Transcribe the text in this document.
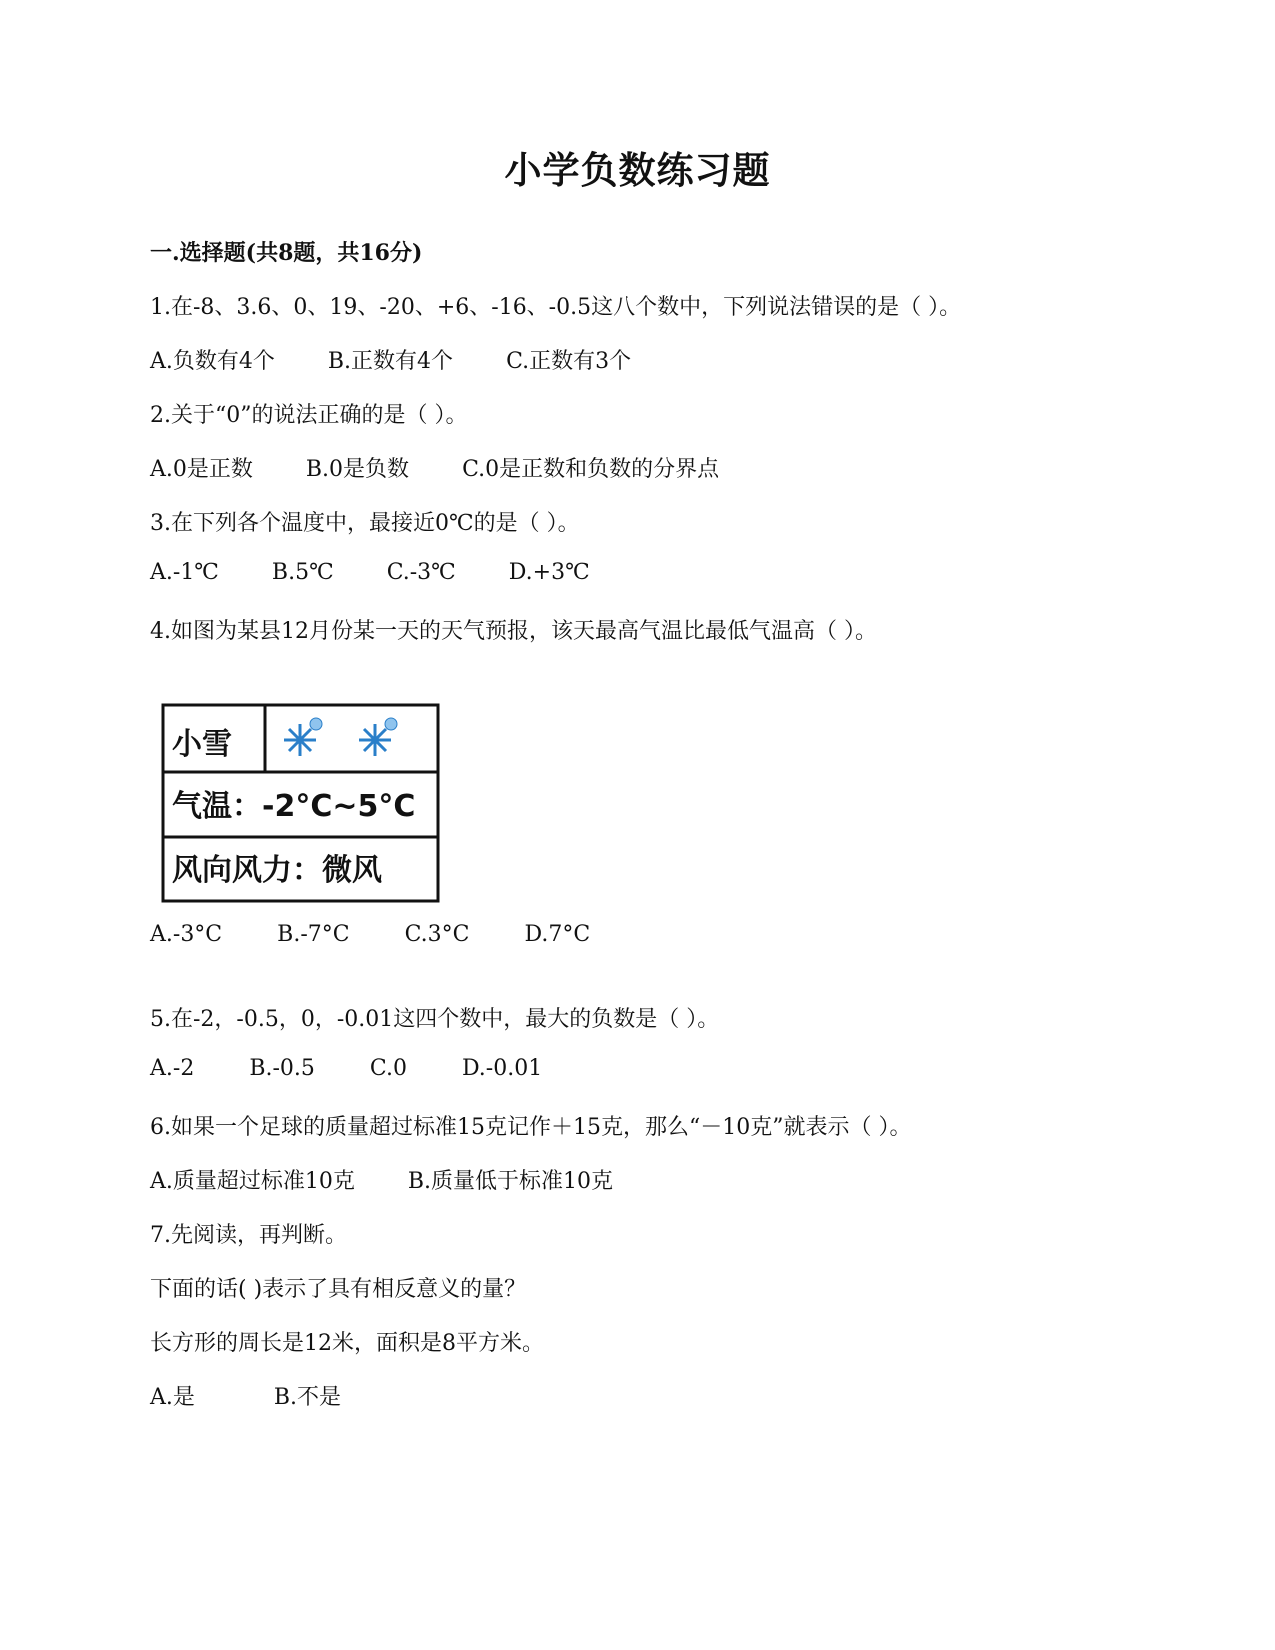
小学负数练习题
一.选择题(共8题，共16分)
1.在-8、3.6、0、19、-20、+6、-16、-0.5这八个数中，下列说法错误的是（ ）。
A.负数有4个 B.正数有4个 C.正数有3个
2.关于“0”的说法正确的是（ ）。
A.0是正数 B.0是负数 C.0是正数和负数的分界点
3.在下列各个温度中，最接近0℃的是（ ）。
A.-1℃ B.5℃ C.-3℃ D.+3℃
4.如图为某县12月份某一天的天气预报，该天最高气温比最低气温高（ ）。
小雪
气温：-2°C~5°C
风向风力：微风
A.-3°C	B.-7°C	C.3°C	D.7°C
5.在-2，-0.5，0，-0.01这四个数中，最大的负数是（ ）。
A.-2	B.-0.5	C.0	D.-0.01
6.如果一个足球的质量超过标准15克记作＋15克，那么“－10克”就表示（ ）。
A.质量超过标准10克 B.质量低于标准10克
7.先阅读，再判断。
下面的话( )表示了具有相反意义的量？
长方形的周长是12米，面积是8平方米。
A.是	B.不是
